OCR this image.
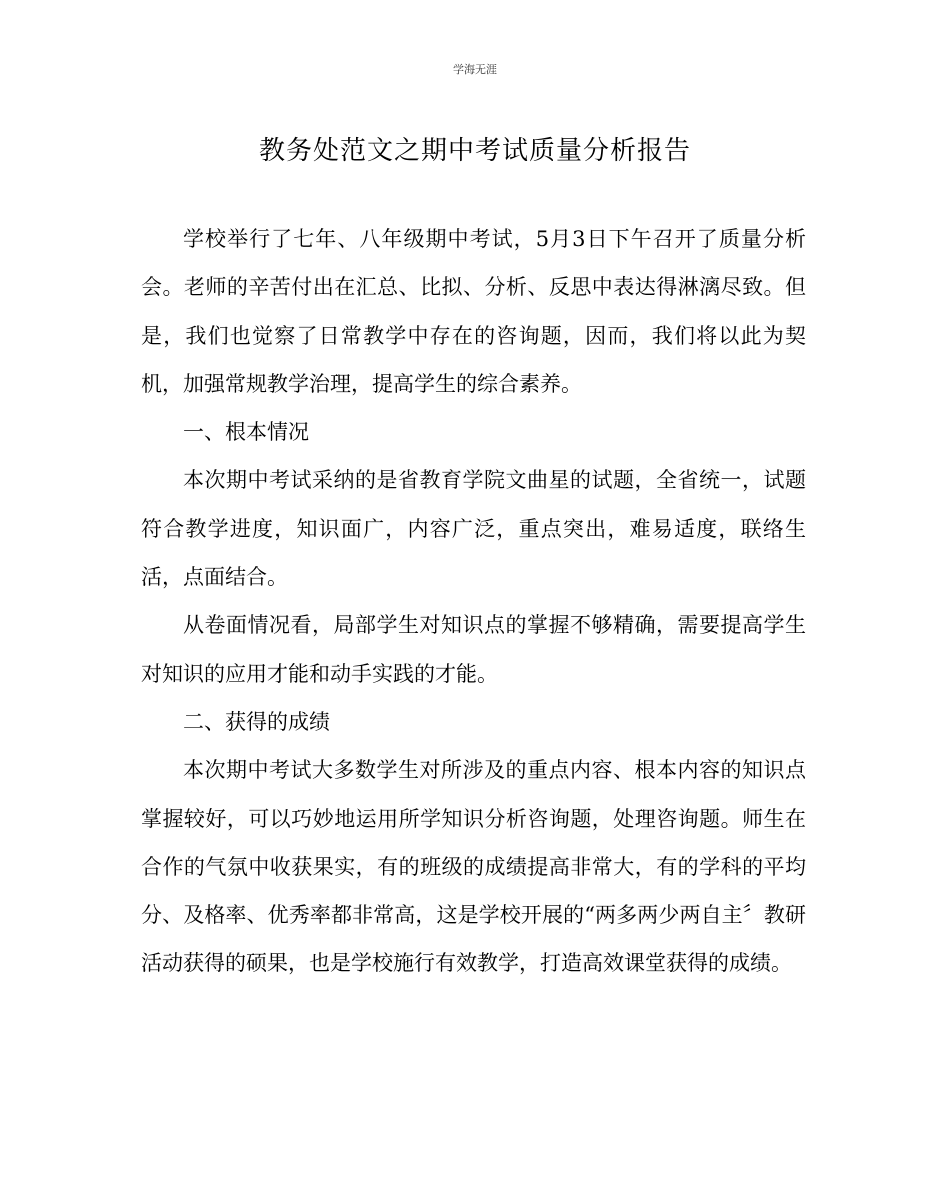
学海无涯
教务处范文之期中考试质量分析报告

学校举行了七年、八年级期中考试，5月3日下午召开了质量分析会。老师的辛苦付出在汇总、比拟、分析、反思中表达得淋漓尽致。但是，我们也觉察了日常教学中存在的咨询题，因而，我们将以此为契机，加强常规教学治理，提高学生的综合素养。

一、根本情况

本次期中考试采纳的是省教育学院文曲星的试题，全省统一，试题符合教学进度，知识面广，内容广泛，重点突出，难易适度，联络生活，点面结合。

从卷面情况看，局部学生对知识点的掌握不够精确，需要提高学生对知识的应用才能和动手实践的才能。

二、获得的成绩

本次期中考试大多数学生对所涉及的重点内容、根本内容的知识点掌握较好，可以巧妙地运用所学知识分析咨询题，处理咨询题。师生在合作的气氛中收获果实，有的班级的成绩提高非常大，有的学科的平均分、及格率、优秀率都非常高，这是学校开展的“两多两少两自主〞教研活动获得的硕果，也是学校施行有效教学，打造高效课堂获得的成绩。
